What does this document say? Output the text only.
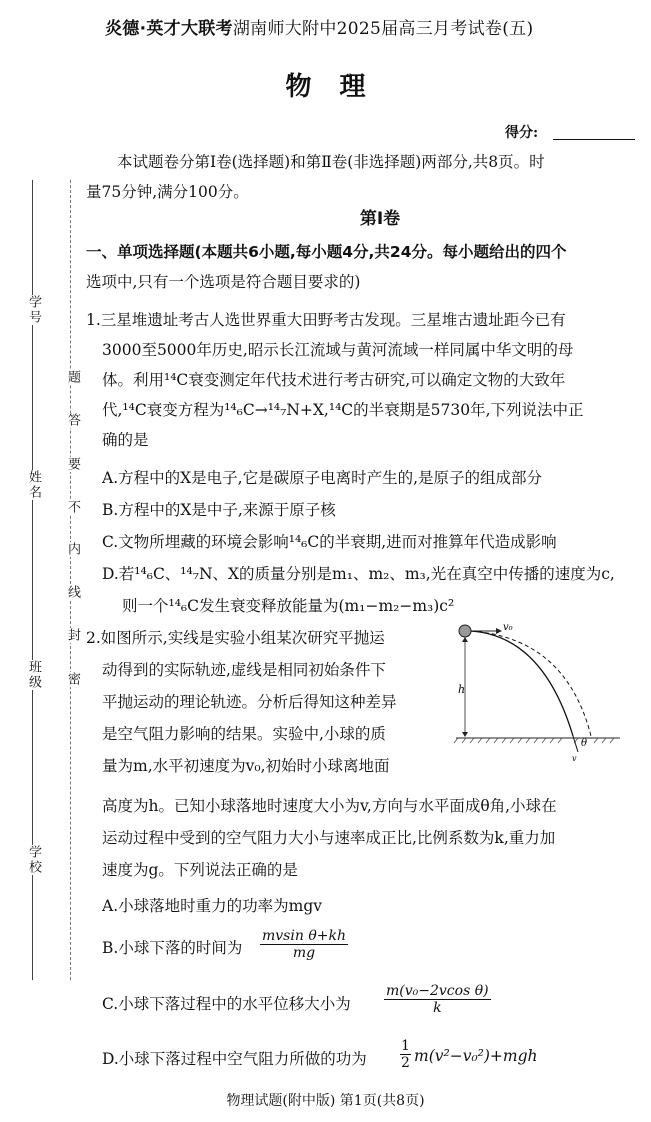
学号
姓名
班级
学校
题
答
要
不
内
线
封
密
炎德·英才大联考湖南师大附中2025届高三月考试卷(五)
物理
得分:
本试题卷分第Ⅰ卷(选择题)和第Ⅱ卷(非选择题)两部分,共8页。时
量75分钟,满分100分。
第Ⅰ卷
一、单项选择题(本题共6小题,每小题4分,共24分。每小题给出的四个
选项中,只有一个选项是符合题目要求的)
1.三星堆遗址考古人选世界重大田野考古发现。三星堆古遗址距今已有
3000至5000年历史,昭示长江流域与黄河流域一样同属中华文明的母
体。利用¹⁴C衰变测定年代技术进行考古研究,可以确定文物的大致年
代,¹⁴C衰变方程为¹⁴₆C→¹⁴₇N+X,¹⁴C的半衰期是5730年,下列说法中正
确的是
A.方程中的X是电子,它是碳原子电离时产生的,是原子的组成部分
B.方程中的X是中子,来源于原子核
C.文物所埋藏的环境会影响¹⁴₆C的半衰期,进而对推算年代造成影响
D.若¹⁴₆C、¹⁴₇N、X的质量分别是m₁、m₂、m₃,光在真空中传播的速度为c,
则一个¹⁴₆C发生衰变释放能量为(m₁−m₂−m₃)c²
2.如图所示,实线是实验小组某次研究平抛运
动得到的实际轨迹,虚线是相同初始条件下
平抛运动的理论轨迹。分析后得知这种差异
是空气阻力影响的结果。实验中,小球的质
量为m,水平初速度为v₀,初始时小球离地面
v₀
h
θ
v
高度为h。已知小球落地时速度大小为v,方向与水平面成θ角,小球在
运动过程中受到的空气阻力大小与速率成正比,比例系数为k,重力加
速度为g。下列说法正确的是
A.小球落地时重力的功率为mgv
B.小球下落的时间为 $\frac{\text{mvsin θ+kh}}{mg}$
C.小球下落过程中的水平位移大小为 $\frac{\text{m(v₀−2vcos θ)}}{k}$
D.小球下落过程中空气阻力所做的功为 $\frac{1}{2} m(v^2-v_0^2)+mgh$
物理试题(附中版) 第1页(共8页)
